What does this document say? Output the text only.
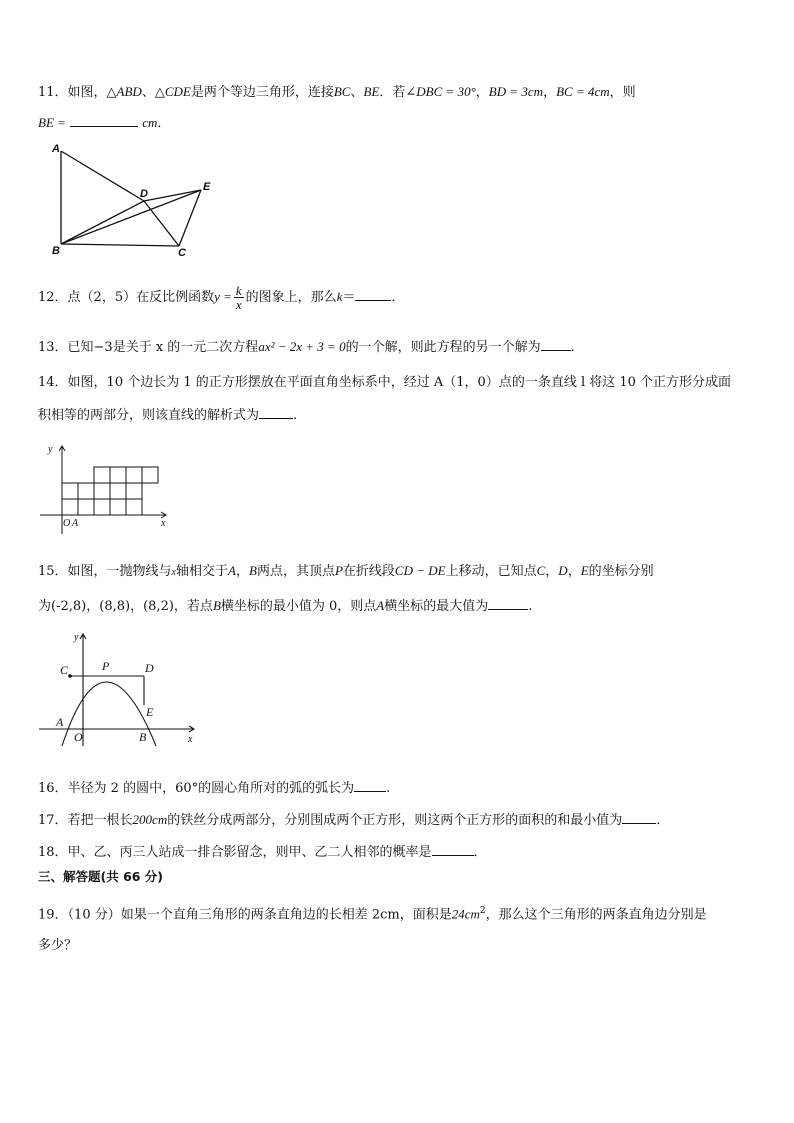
11．如图，△ABD、△CDE是两个等边三角形，连接BC、BE．若∠DBC = 30°，BD = 3cm，BC = 4cm，则
BE =	cm．
A
B	C
D
E
12．点（2，5）在反比例函数$y = \frac{k}{x}$ 的图象上，那么k＝	．
13．已知−3是关于 x 的一元二次方程ax² − 2x + 3 = 0的一个解，则此方程的另一个解为 ．
14．如图，10 个边长为 1 的正方形摆放在平面直角坐标系中，经过 A（1，0）点的一条直线 l 将这 10 个正方形分成面
积相等的两部分，则该直线的解析式为	.
y
x
O A
15．如图，一抛物线与x轴相交于A，B两点，其顶点P在折线段CD − DE上移动，已知点C，D，E的坐标分别
为(-2,8)，(8,8)，(8,2)，若点B横坐标的最小值为 0，则点A横坐标的最大值为	.
y
x
C	P	D
E
A
O	B
16．半径为 2 的圆中，60°的圆心角所对的弧的弧长为 .
17．若把一根长200cm的铁丝分成两部分，分别围成两个正方形，则这两个正方形的面积的和最小值为	．
18．甲、乙、丙三人站成一排合影留念，则甲、乙二人相邻的概率是	．
三、解答题(共 66 分)
19．（10 分）如果一个直角三角形的两条直角边的长相差 2cm，面积是$24cm^2$，那么这个三角形的两条直角边分别是
多少？
